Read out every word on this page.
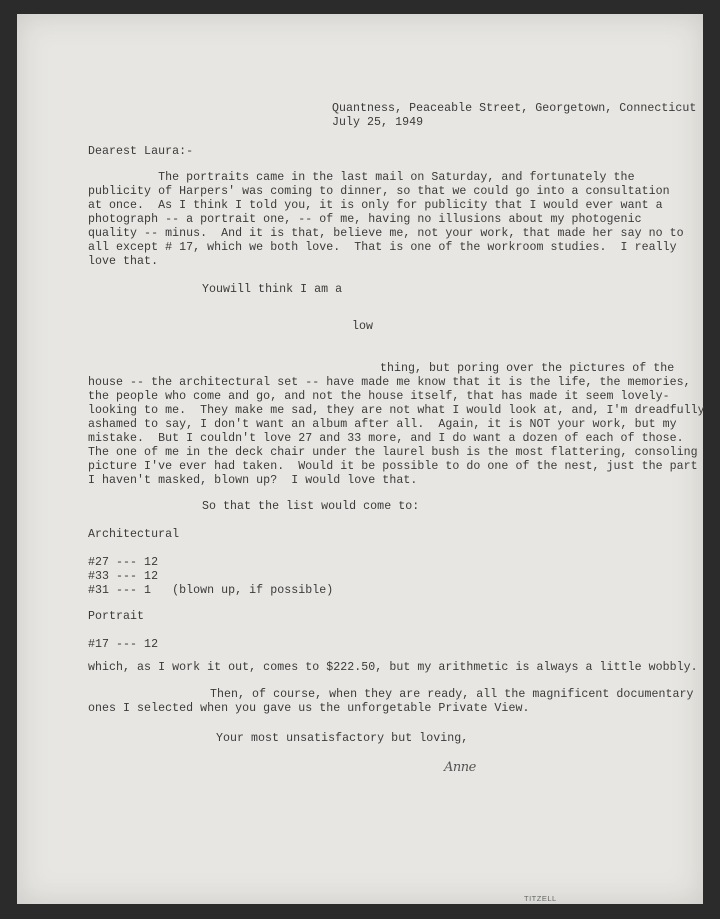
Quantness, Peaceable Street, Georgetown, Connecticut

July 25, 1949

Dearest Laura:-

The portraits came in the last mail on Saturday, and fortunately the

publicity of Harpers' was coming to dinner, so that we could go into a consultation

at once.  As I think I told you, it is only for publicity that I would ever want a

photograph -- a portrait one, -- of me, having no illusions about my photogenic

quality -- minus.  And it is that, believe me, not your work, that made her say no to

all except # 17, which we both love.  That is one of the workroom studies.  I really

love that.

Youwill think I am a

low

thing, but poring over the pictures of the

house -- the architectural set -- have made me know that it is the life, the memories,

the people who come and go, and not the house itself, that has made it seem lovely-

looking to me.  They make me sad, they are not what I would look at, and, I'm dreadfully

ashamed to say, I don't want an album after all.  Again, it is NOT your work, but my

mistake.  But I couldn't love 27 and 33 more, and I do want a dozen of each of those.

The one of me in the deck chair under the laurel bush is the most flattering, consoling

picture I've ever had taken.  Would it be possible to do one of the nest, just the part

I haven't masked, blown up?  I would love that.

So that the list would come to:

Architectural

#27 --- 12

#33 --- 12

#31 --- 1   (blown up, if possible)

Portrait

#17 --- 12

which, as I work it out, comes to $222.50, but my arithmetic is always a little wobbly.

Then, of course, when they are ready, all the magnificent documentary

ones I selected when you gave us the unforgetable Private View.

Your most unsatisfactory but loving,

Anne
TITZELL
